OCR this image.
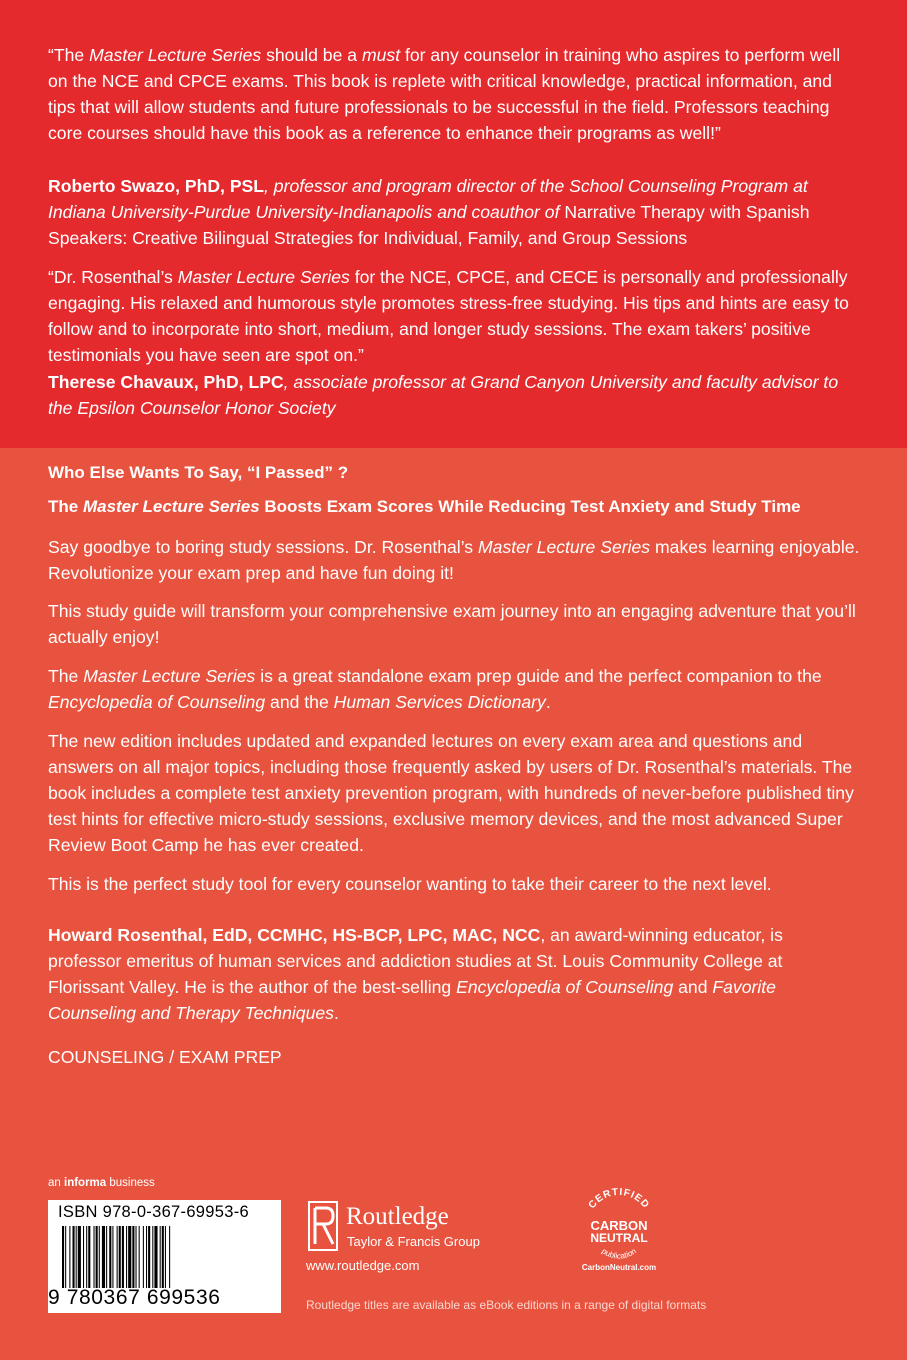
“The Master Lecture Series should be a must for any counselor in training who aspires to perform well on the NCE and CPCE exams. This book is replete with critical knowledge, practical information, and tips that will allow students and future professionals to be successful in the field. Professors teaching core courses should have this book as a reference to enhance their programs as well!”

Roberto Swazo, PhD, PSL, professor and program director of the School Counseling Program at Indiana University-Purdue University-Indianapolis and coauthor of Narrative Therapy with Spanish Speakers: Creative Bilingual Strategies for Individual, Family, and Group Sessions

“Dr. Rosenthal’s Master Lecture Series for the NCE, CPCE, and CECE is personally and professionally engaging. His relaxed and humorous style promotes stress-free studying. His tips and hints are easy to follow and to incorporate into short, medium, and longer study sessions. The exam takers’ positive testimonials you have seen are spot on.”

Therese Chavaux, PhD, LPC, associate professor at Grand Canyon University and faculty advisor to the Epsilon Counselor Honor Society

Who Else Wants To Say, “I Passed” ?

The Master Lecture Series Boosts Exam Scores While Reducing Test Anxiety and Study Time

Say goodbye to boring study sessions. Dr. Rosenthal’s Master Lecture Series makes learning enjoyable. Revolutionize your exam prep and have fun doing it!

This study guide will transform your comprehensive exam journey into an engaging adventure that you’ll actually enjoy!

The Master Lecture Series is a great standalone exam prep guide and the perfect companion to the Encyclopedia of Counseling and the Human Services Dictionary.

The new edition includes updated and expanded lectures on every exam area and questions and answers on all major topics, including those frequently asked by users of Dr. Rosenthal’s materials. The book includes a complete test anxiety prevention program, with hundreds of never-before published tiny test hints for effective micro-study sessions, exclusive memory devices, and the most advanced Super Review Boot Camp he has ever created.

This is the perfect study tool for every counselor wanting to take their career to the next level.

Howard Rosenthal, EdD, CCMHC, HS-BCP, LPC, MAC, NCC, an award-winning educator, is professor emeritus of human services and addiction studies at St. Louis Community College at Florissant Valley. He is the author of the best-selling Encyclopedia of Counseling and Favorite Counseling and Therapy Techniques.

COUNSELING / EXAM PREP

an informa business
ISBN 978-0-367-69953-6
9 780367 699536
Routledge
Taylor & Francis Group
www.routledge.com
CERTIFIED
CARBON
NEUTRAL
publication
CarbonNeutral.com
Routledge titles are available as eBook editions in a range of digital formats
